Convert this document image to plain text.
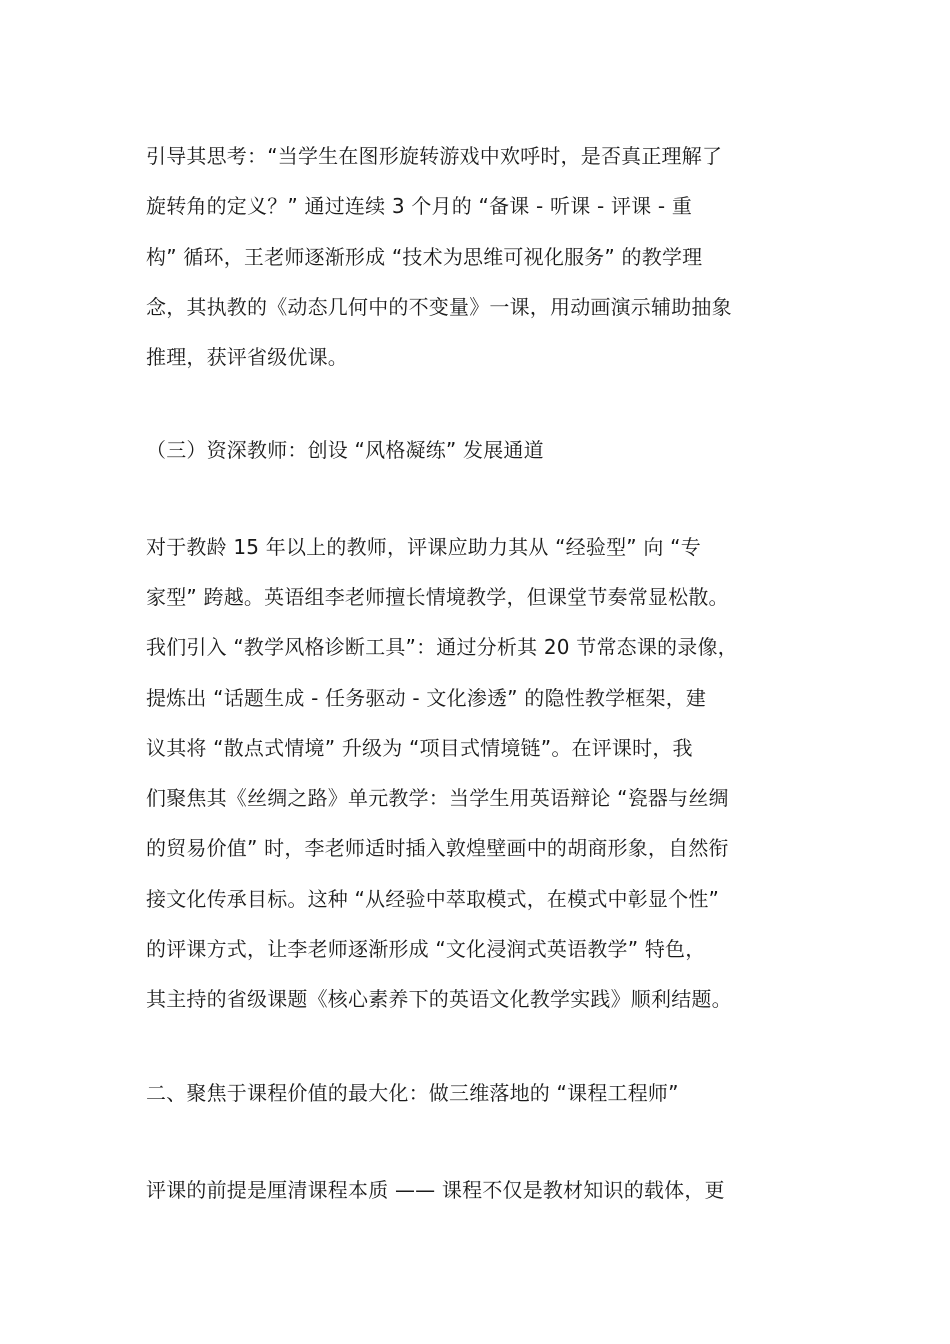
引导其思考：“当学生在图形旋转游戏中欢呼时，是否真正理解了
旋转角的定义？” 通过连续 3 个月的 “备课 - 听课 - 评课 - 重
构” 循环，王老师逐渐形成 “技术为思维可视化服务” 的教学理
念，其执教的《动态几何中的不变量》一课，用动画演示辅助抽象
推理，获评省级优课。
（三）资深教师：创设 “风格凝练” 发展通道
对于教龄 15 年以上的教师，评课应助力其从 “经验型” 向 “专
家型” 跨越。英语组李老师擅长情境教学，但课堂节奏常显松散。
我们引入 “教学风格诊断工具”：通过分析其 20 节常态课的录像，
提炼出 “话题生成 - 任务驱动 - 文化渗透” 的隐性教学框架，建
议其将 “散点式情境” 升级为 “项目式情境链”。在评课时，我
们聚焦其《丝绸之路》单元教学：当学生用英语辩论 “瓷器与丝绸
的贸易价值” 时，李老师适时插入敦煌壁画中的胡商形象，自然衔
接文化传承目标。这种 “从经验中萃取模式，在模式中彰显个性”
的评课方式，让李老师逐渐形成 “文化浸润式英语教学” 特色，
其主持的省级课题《核心素养下的英语文化教学实践》顺利结题。
二、聚焦于课程价值的最大化：做三维落地的 “课程工程师”
评课的前提是厘清课程本质 —— 课程不仅是教材知识的载体，更
